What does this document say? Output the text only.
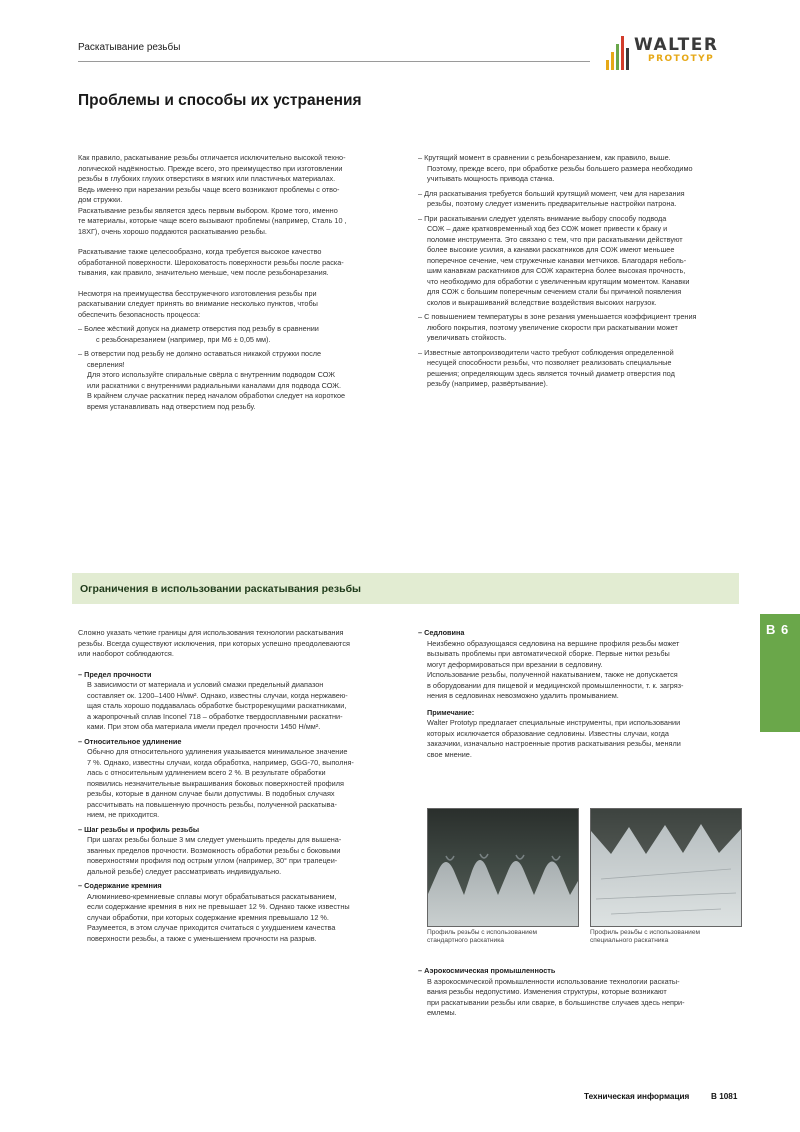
Раскатывание резьбы	WALTER
PROTOTYP
Проблемы и способы их устранения

Как правило, раскатывание резьбы отличается исключительно высокой техно-

логической надёжностью. Прежде всего, это преимущество при изготовлении

резьбы в глубоких глухих отверстиях в мягких или пластичных материалах.

Ведь именно при нарезании резьбы чаще всего возникают проблемы с отво-

дом стружки.

Раскатывание резьбы является здесь первым выбором. Кроме того, именно

те материалы, которые чаще всего вызывают проблемы (например, Сталь 10 ,

18ХГ), очень хорошо поддаются раскатыванию резьбы.

Раскатывание также целесообразно, когда требуется высокое качество

обработанной поверхности. Шероховатость поверхности резьбы после раска-

тывания, как правило, значительно меньше, чем после резьбонарезания.

Несмотря на преимущества бесстружечного изготовления резьбы при

раскатывании следует принять во внимание несколько пунктов, чтобы

обеспечить безопасность процесса:

– Более жёсткий допуск на диаметр отверстия под резьбу в сравнении

с резьбонарезанием (например, при M6 ± 0,05 мм).

– В отверстии под резьбу не должно оставаться никакой стружки после

сверления!

Для этого используйте спиральные свёрла с внутренним подводом СОЖ

или раскатники с внутренними радиальными каналами для подвода СОЖ.

В крайнем случае раскатник перед началом обработки следует на короткое

время устанавливать над отверстием под резьбу.

– Крутящий момент в сравнении с резьбонарезанием, как правило, выше.

Поэтому, прежде всего, при обработке резьбы большего размера необходимо

учитывать мощность привода станка.

– Для раскатывания требуется больший крутящий момент, чем для нарезания

резьбы, поэтому следует изменить предварительные настройки патрона.

– При раскатывании следует уделять внимание выбору способу подвода

СОЖ – даже кратковременный ход без СОЖ может привести к браку и

поломке инструмента. Это связано с тем, что при раскатывании действуют

более высокие усилия, а канавки раскатников для СОЖ имеют меньшее

поперечное сечение, чем стружечные канавки метчиков. Благодаря неболь-

шим канавкам раскатников для СОЖ характерна более высокая прочность,

что необходимо для обработки с увеличенным крутящим моментом. Канавки

для СОЖ с большим поперечным сечением стали бы причиной появления

сколов и выкрашиваний вследствие воздействия высоких нагрузок.

– С повышением температуры в зоне резания уменьшается коэффициент трения

любого покрытия, поэтому увеличение скорости при раскатывании может

увеличивать стойкость.

– Известные автопроизводители часто требуют соблюдения определенной

несущей способности резьбы, что позволяет реализовать специальные

решения; определяющим здесь является точный диаметр отверстия под

резьбу (например, развёртывание).

Ограничения в использовании раскатывания резьбы
B 6

Сложно указать четкие границы для использования технологии раскатывания

резьбы. Всегда существуют исключения, при которых успешно преодолеваются

или наоборот соблюдаются.

– Предел прочности

В зависимости от материала и условий смазки предельный диапазон

составляет ок. 1200–1400 Н/мм². Однако, известны случаи, когда нержавею-

щая сталь хорошо поддавалась обработке быстрорежущими раскатниками,

а жаропрочный сплав Inconel 718 – обработке твердосплавными раскатни-

ками. При этом оба материала имели предел прочности 1450 Н/мм².

– Относительное удлинение

Обычно для относительного удлинения указывается минимальное значение

7 %. Однако, известны случаи, когда обработка, например, GGG-70, выполня-

лась с относительным удлинением всего 2 %. В результате обработки

появились незначительные выкрашивания боковых поверхностей профиля

резьбы, которые в данном случае были допустимы. В подобных случаях

рассчитывать на повышенную прочность резьбы, полученной раскатыва-

нием, не приходится.

– Шаг резьбы и профиль резьбы

При шагах резьбы больше 3 мм следует уменьшить пределы для вышена-

званных пределов прочности. Возможность обработки резьбы с боковыми

поверхностями профиля под острым углом (например, 30° при трапецеи-

дальной резьбе) следует рассматривать индивидуально.

– Содержание кремния

Алюминиево-кремниевые сплавы могут обрабатываться раскатыванием,

если содержание кремния в них не превышает 12 %. Однако также известны

случаи обработки, при которых содержание кремния превышало 12 %.

Разумеется, в этом случае приходится считаться с ухудшением качества

поверхности резьбы, а также с уменьшением прочности на разрыв.

– Седловина

Неизбежно образующаяся седловина на вершине профиля резьбы может

вызывать проблемы при автоматической сборке. Первые нитки резьбы

могут деформироваться при врезании в седловину.

Использование резьбы, полученной накатыванием, также не допускается

в оборудовании для пищевой и медицинской промышленности, т. к. загряз-

нения в седловинах невозможно удалить промыванием.

Примечание:

Walter Prototyp предлагает специальные инструменты, при использовании

которых исключается образование седловины. Известны случаи, когда

заказчики, изначально настроенные против раскатывания резьбы, меняли

свое мнение.

Профиль резьбы с использованием
стандартного раскатника
Профиль резьбы с использованием
специального раскатника

– Аэрокосмическая промышленность

В аэрокосмической промышленности использование технологии раскаты-

вания резьбы недопустимо. Изменения структуры, которые возникают

при раскатывании резьбы или сварке, в большинстве случаев здесь непри-

емлемы.

Техническая информация	B 1081
